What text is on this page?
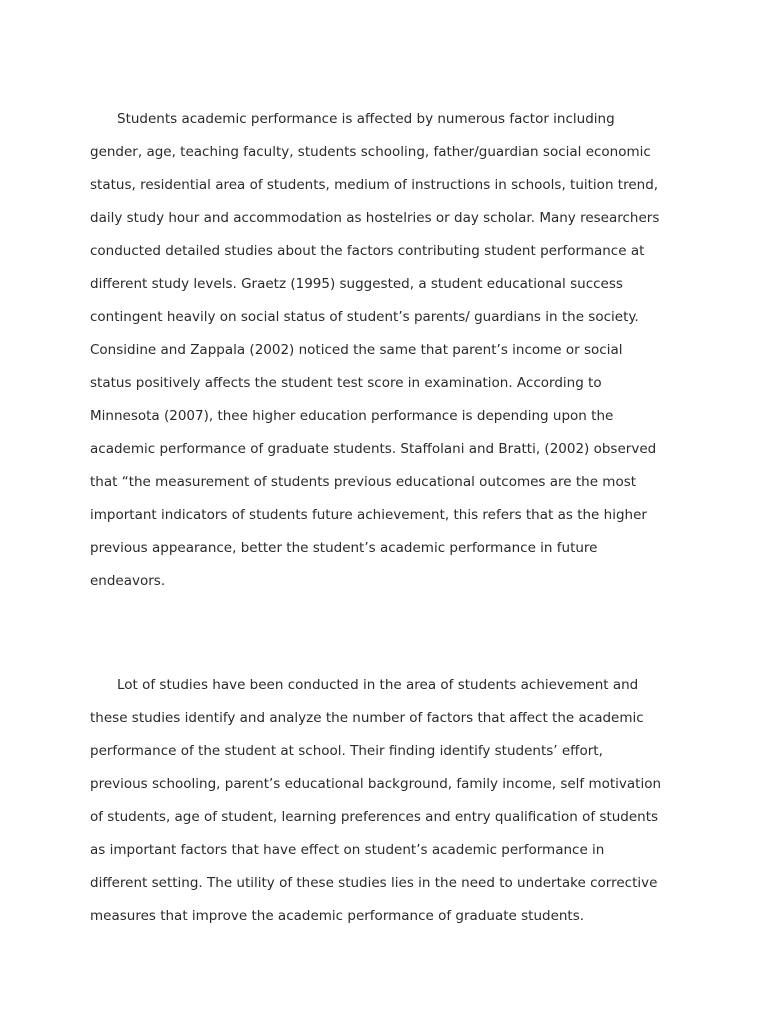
Students academic performance is affected by numerous factor including
gender, age, teaching faculty, students schooling, father/guardian social economic
status, residential area of students, medium of instructions in schools, tuition trend,
daily study hour and accommodation as hostelries or day scholar. Many researchers
conducted detailed studies about the factors contributing student performance at
different study levels. Graetz (1995) suggested, a student educational success
contingent heavily on social status of student’s parents/ guardians in the society.
Considine and Zappala (2002) noticed the same that parent’s income or social
status positively affects the student test score in examination. According to
Minnesota (2007), thee higher education performance is depending upon the
academic performance of graduate students. Staffolani and Bratti, (2002) observed
that “the measurement of students previous educational outcomes are the most
important indicators of students future achievement, this refers that as the higher
previous appearance, better the student’s academic performance in future
endeavors.
Lot of studies have been conducted in the area of students achievement and
these studies identify and analyze the number of factors that affect the academic
performance of the student at school. Their finding identify students’ effort,
previous schooling, parent’s educational background, family income, self motivation
of students, age of student, learning preferences and entry qualification of students
as important factors that have effect on student’s academic performance in
different setting. The utility of these studies lies in the need to undertake corrective
measures that improve the academic performance of graduate students.
